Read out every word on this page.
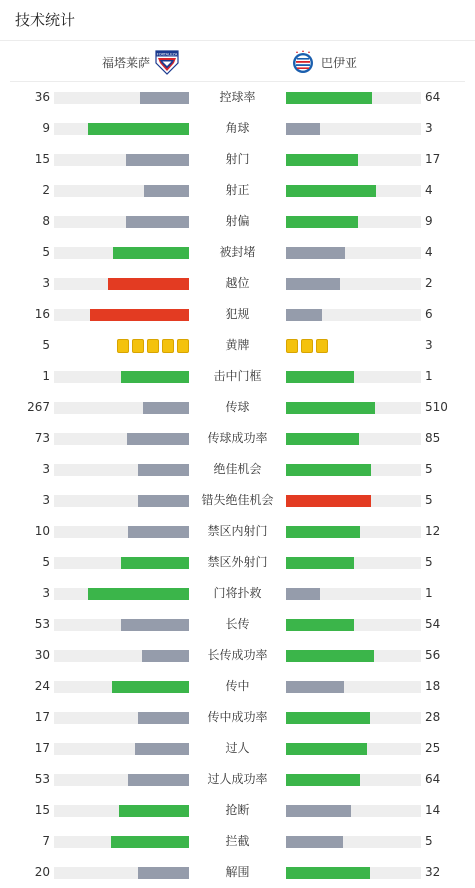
技术统计
福塔莱萨
FORTALEZA
巴伊亚
36	控球率	64
9	角球	3
15	射门	17
2	射正	4
8	射偏	9
5	被封堵	4
3	越位	2
16	犯规	6
5	黄牌	3
1	击中门框	1
267	传球	510
73	传球成功率	85
3	绝佳机会	5
3	错失绝佳机会	5
10	禁区内射门	12
5	禁区外射门	5
3	门将扑救	1
53	长传	54
30	长传成功率	56
24	传中	18
17	传中成功率	28
17	过人	25
53	过人成功率	64
15	抢断	14
7	拦截	5
20	解围	32
